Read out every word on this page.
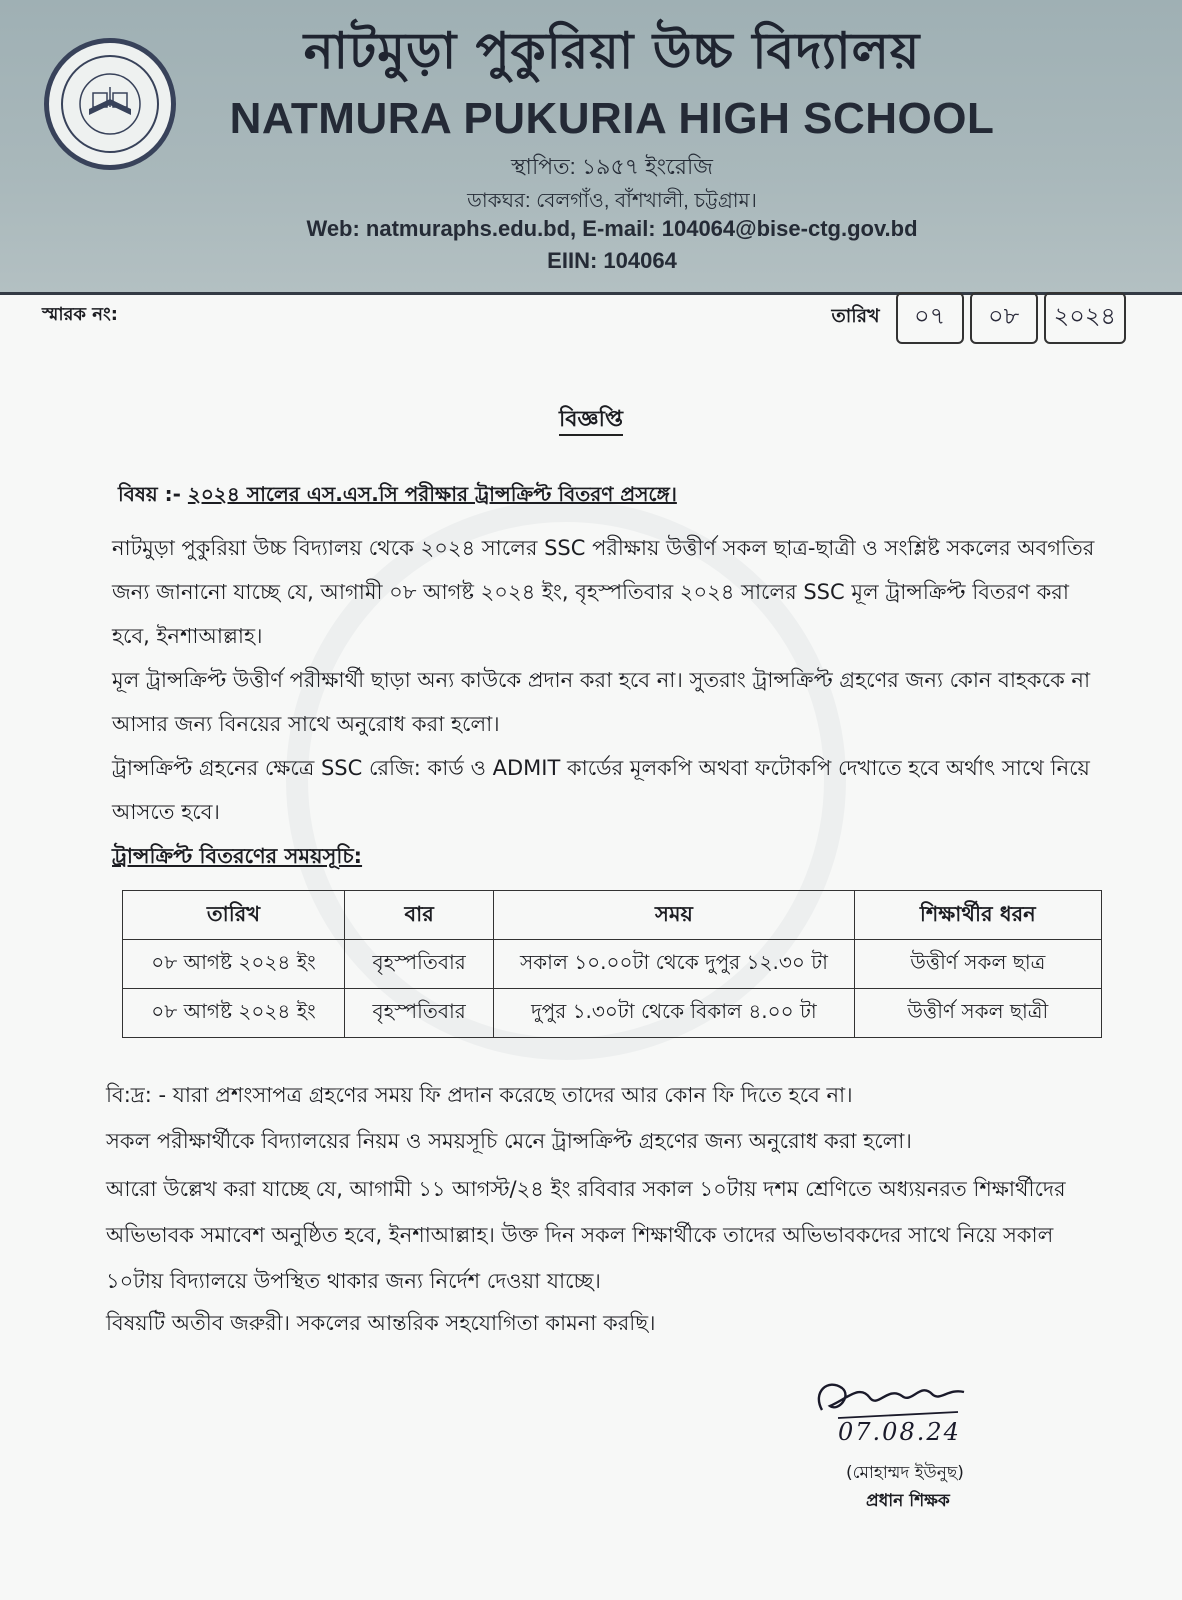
নাটমুড়া পুকুরিয়া উচ্চ বিদ্যালয়
NATMURA PUKURIA HIGH SCHOOL
স্থাপিত: ১৯৫৭ ইংরেজি
ডাকঘর: বেলগাঁও, বাঁশখালী, চট্টগ্রাম।
Web: natmuraphs.edu.bd, E-mail: 104064@bise-ctg.gov.bd
EIIN: 104064
স্মারক নং:	তারিখ	০৭	০৮	২০২৪
বিজ্ঞপ্তি
বিষয় :- ২০২৪ সালের এস.এস.সি পরীক্ষার ট্রান্সক্রিপ্ট বিতরণ প্রসঙ্গে।
নাটমুড়া পুকুরিয়া উচ্চ বিদ্যালয় থেকে ২০২৪ সালের SSC পরীক্ষায় উত্তীর্ণ সকল ছাত্র-ছাত্রী ও সংশ্লিষ্ট সকলের অবগতির জন্য জানানো যাচ্ছে যে, আগামী ০৮ আগষ্ট ২০২৪ ইং, বৃহস্পতিবার ২০২৪ সালের SSC মূল ট্রান্সক্রিপ্ট বিতরণ করা হবে, ইনশাআল্লাহ।
মূল ট্রান্সক্রিপ্ট উত্তীর্ণ পরীক্ষার্থী ছাড়া অন্য কাউকে প্রদান করা হবে না। সুতরাং ট্রান্সক্রিপ্ট গ্রহণের জন্য কোন বাহককে না আসার জন্য বিনয়ের সাথে অনুরোধ করা হলো।
ট্রান্সক্রিপ্ট গ্রহনের ক্ষেত্রে SSC রেজি: কার্ড ও ADMIT কার্ডের মূলকপি অথবা ফটোকপি দেখাতে হবে অর্থাৎ সাথে নিয়ে আসতে হবে।
ট্রান্সক্রিপ্ট বিতরণের সময়সূচি:
তারিখ	বার	সময়	শিক্ষার্থীর ধরন
০৮ আগষ্ট ২০২৪ ইং	বৃহস্পতিবার	সকাল ১০.০০টা থেকে দুপুর ১২.৩০ টা	উত্তীর্ণ সকল ছাত্র
০৮ আগষ্ট ২০২৪ ইং	বৃহস্পতিবার	দুপুর ১.৩০টা থেকে বিকাল ৪.০০ টা	উত্তীর্ণ সকল ছাত্রী
বি:দ্র: - যারা প্রশংসাপত্র গ্রহণের সময় ফি প্রদান করেছে তাদের আর কোন ফি দিতে হবে না।
সকল পরীক্ষার্থীকে বিদ্যালয়ের নিয়ম ও সময়সূচি মেনে ট্রান্সক্রিপ্ট গ্রহণের জন্য অনুরোধ করা হলো।
আরো উল্লেখ করা যাচ্ছে যে, আগামী ১১ আগস্ট/২৪ ইং রবিবার সকাল ১০টায় দশম শ্রেণিতে অধ্যয়নরত শিক্ষার্থীদের অভিভাবক সমাবেশ অনুষ্ঠিত হবে, ইনশাআল্লাহ। উক্ত দিন সকল শিক্ষার্থীকে তাদের অভিভাবকদের সাথে নিয়ে সকাল ১০টায় বিদ্যালয়ে উপস্থিত থাকার জন্য নির্দেশ দেওয়া যাচ্ছে।
বিষয়টি অতীব জরুরী। সকলের আন্তরিক সহযোগিতা কামনা করছি।
07.08.24
(মোহাম্মদ ইউনুছ)
প্রধান শিক্ষক
